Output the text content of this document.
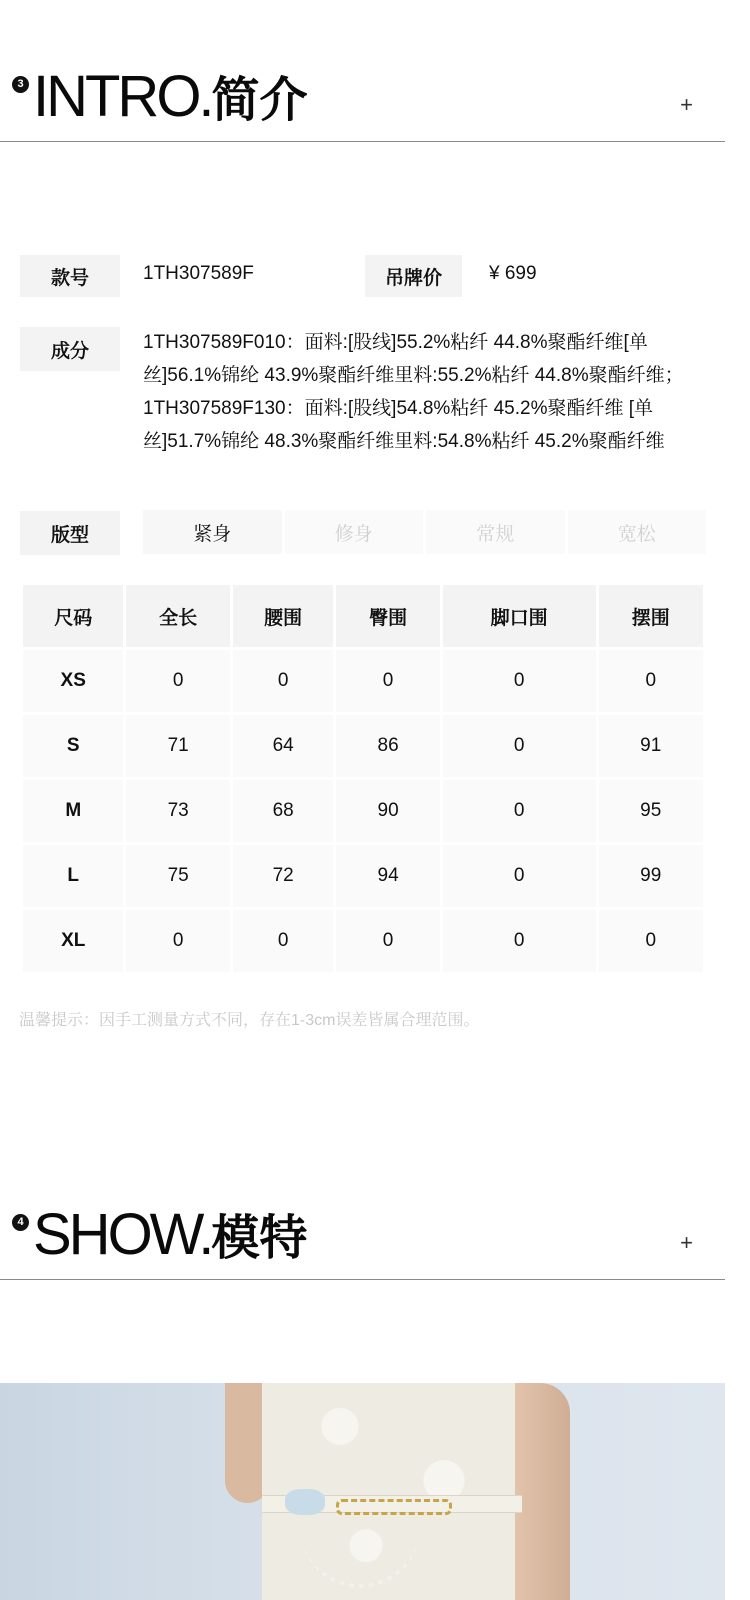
3 INTRO.简介	+
款号	1TH307589F	吊牌价	¥ 699
成分	1TH307589F010：面料:[股线]55.2%粘纤 44.8%聚酯纤维[单丝]56.1%锦纶 43.9%聚酯纤维里料:55.2%粘纤 44.8%聚酯纤维；1TH307589F130：面料:[股线]54.8%粘纤 45.2%聚酯纤维 [单丝]51.7%锦纶 48.3%聚酯纤维里料:54.8%粘纤 45.2%聚酯纤维
版型	紧身	修身	常规	宽松
尺码	全长	腰围	臀围	脚口围	摆围
XS	0	0	0	0	0
S	71	64	86	0	91
M	73	68	90	0	95
L	75	72	94	0	99
XL	0	0	0	0	0
温馨提示：因手工测量方式不同，存在1-3cm误差皆属合理范围。
4 SHOW.模特	+
